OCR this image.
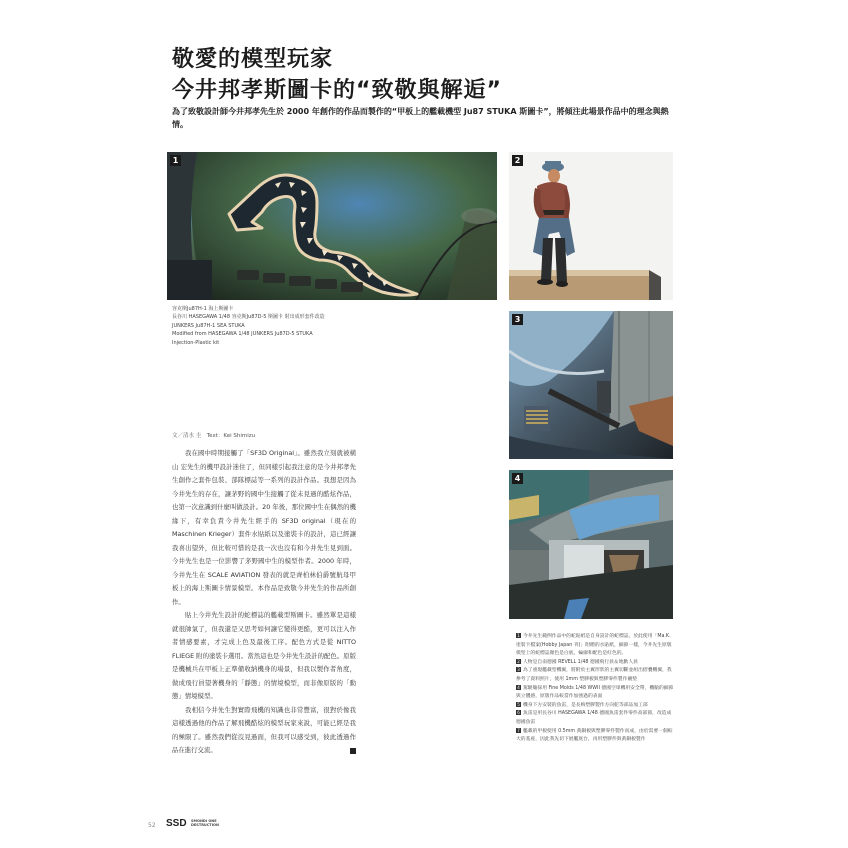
敬愛的模型玩家
今井邦孝斯圖卡的“致敬與解逅”

為了致敬設計師今井邦孝先生於 2000 年創作的作品而製作的“甲板上的艦載機型 Ju87 STUKA 斯圖卡”，將傾注此場景作品中的理念與熱情。

1	2
3
4
容克斯Ju87H-1 海上斯圖卡
長谷川 HASEGAWA 1/48 容克斯Ju87D-5 斯圖卡 射出成形套件改造
JUNKERS Ju87H-1 SEA STUKA
Modified from HASEGAWA 1/48 JUNKERS Ju87D-5 STUKA
Injection-Plastic kit
文／清水 圭　Text：Kei Shimizu

我在國中時期接觸了「SF3D Original」。雖然我立刻就被橫山 宏先生的機甲設計迷住了，但同樣引起我注意的是今井邦孝先生創作之套件包裝、部隊標誌等一系列的設計作品。我想是因為今井先生的存在，讓茅野的國中生接觸了從未見過的酷炫作品，也第一次意識到什麼叫做設計。20 年後，那位國中生在偶然的機緣下，有幸負責今井先生經手的 SF3D original（現在的 Maschinen Krieger）套件水貼紙以及塗裝卡的設計，這已經讓我喜出望外，但比較可惜的是我一次也沒有和今井先生見到面。今井先生也是一位影響了茅野國中生的模型作者。2000 年時，今井先生在 SCALE AVIATION 發表的就是齊柏林伯爵號航母甲板上的海上斯圖卡情景模型。本作品是致敬今井先生的作品所創作。

貼上今井先生設計的蛇標誌的艦載型斯圖卡。雖然單是這樣就很帥氣了，但我還是又思考如何讓它變得更酷，更可以注入作者情感要素，才完成上色及最後工序。配色方式是從 NITTO FLIEGE 附的塗裝卡選用。當然這也是今井先生設計的配色。原版是機械兵在甲板上正準備收納機身的場景，但我以製作者角度，做成飛行員望著機身的「靜態」的情境模型，而非像原版的「動態」情境模型。

我相信今井先生對實際飛機的知識也非常豐富，很對於像我這樣透過他的作品了解飛機酷炫的模型玩家來說，可能已經是我的極限了。雖然我們從沒見過面，但我可以感受到，彼此透過作品在進行交流。

1 今井先生範例作品中的蛇貼紙是自身設計的蛇標誌，於此使用「Ma.K. 塗裝卡檔案(Hobby Japan 刊)」附贈的水貼紙，細節一樣，今井先生原版模型上的蛇標誌顏色是白底，輪廓和配色是紅色的。
2 人物是自南德國 REVELL 1/48 德國飛行員＆地勤人員
3 為了重現艦載型機翼，將附於主翼形狀的主翼切斷並組出摺疊機翼，我參考了資料照片，使用 1mm 塑膠板與塑膠零件製作襯墊
4 駕駛艙採用 Fine Molds 1/48 WWII 德國空軍機用安全帶，機艙的細節與立體感，原版作品較當作加強過的表面
5 機身下方安裝的魚雷，是長梅塑膠製作方向舵等部品加工部
6 魚雷是用長谷川 HASEGAWA 1/48 德國魚雷套件零件高部節，改造成德國魚雷
7 艦載的甲板使用 0.5mm 黃銅板與塑膠零件製作而成，由於需要一個較大的基座，因此我先切下展艦底台，再用塑膠件與黃銅板製作
52 SSD SMONDI ONE
DESTRUCTION
